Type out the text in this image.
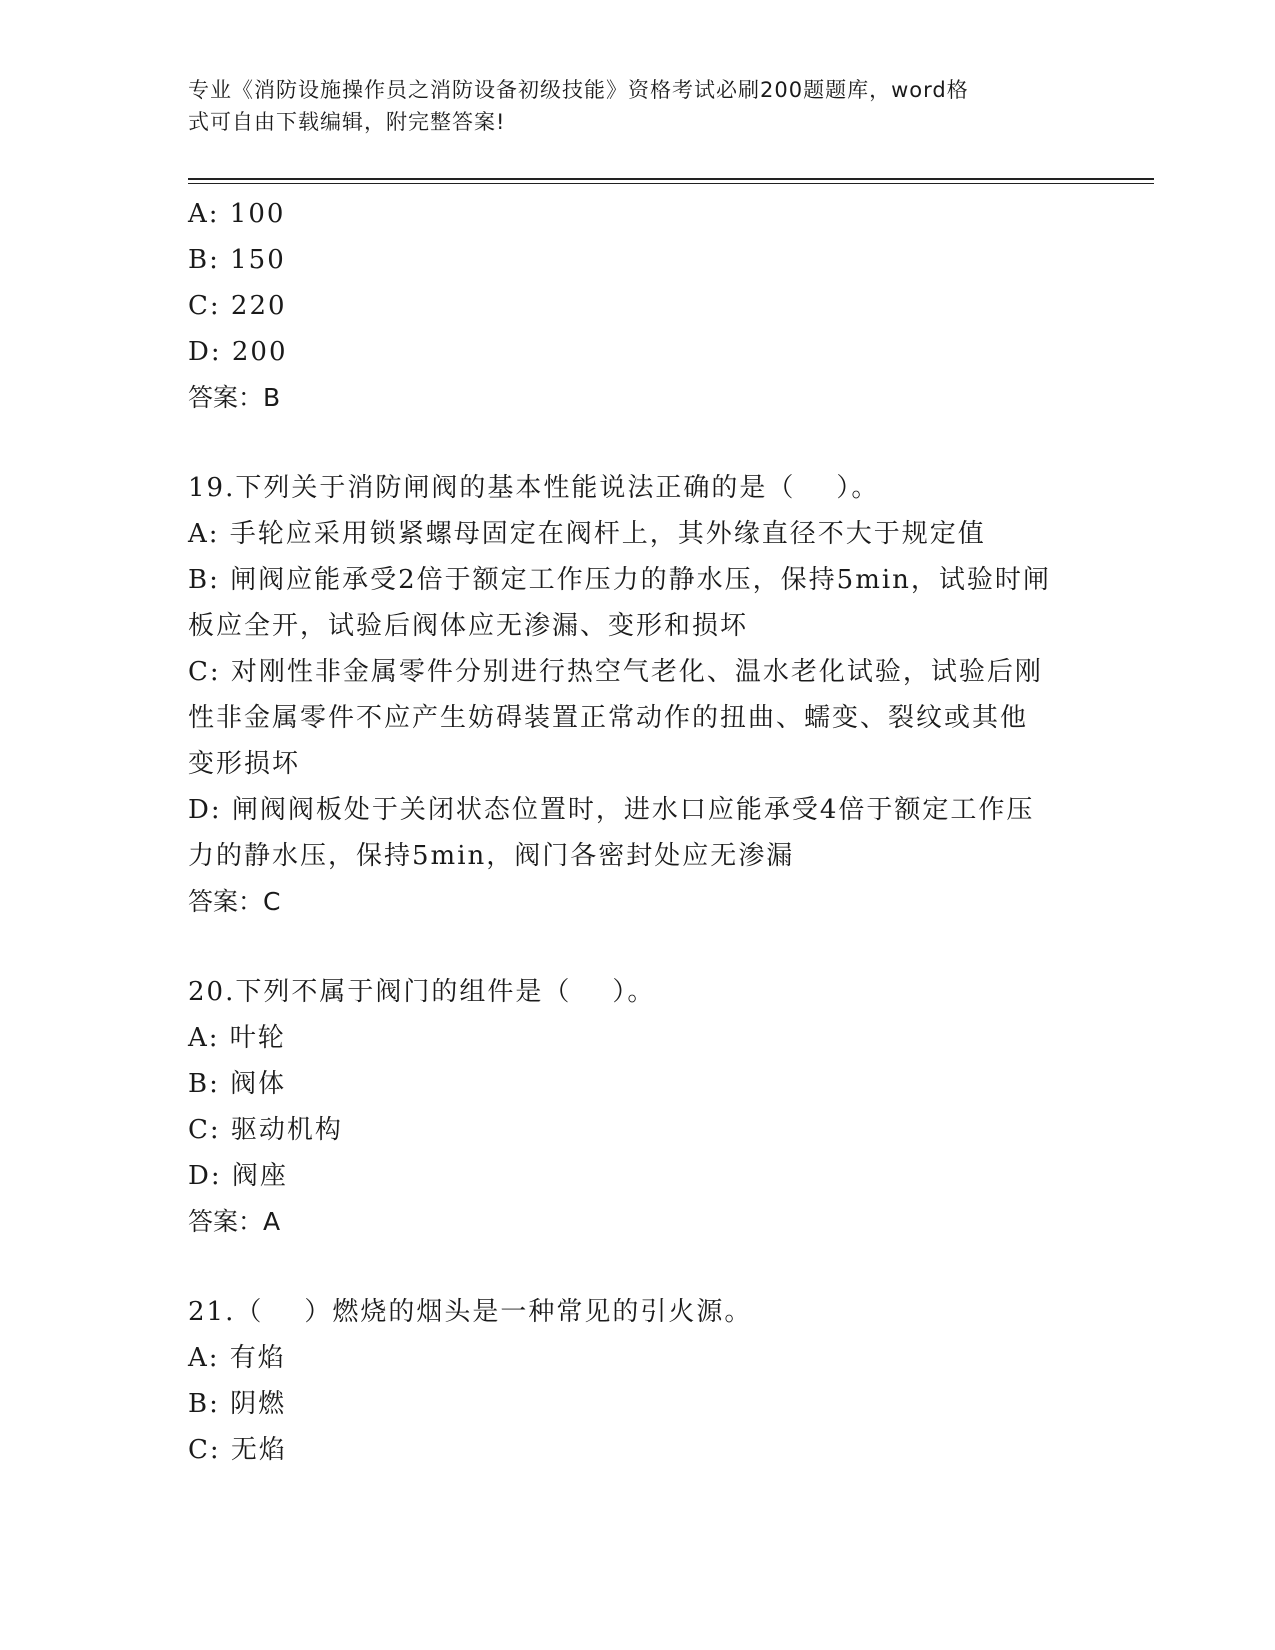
专业《消防设施操作员之消防设备初级技能》资格考试必刷200题题库，word格
式可自由下载编辑，附完整答案!
A: 100
B: 150
C: 220
D: 200
答案：B
19.下列关于消防闸阀的基本性能说法正确的是（    ）。
A: 手轮应采用锁紧螺母固定在阀杆上，其外缘直径不大于规定值
B: 闸阀应能承受2倍于额定工作压力的静水压，保持5min，试验时闸
板应全开，试验后阀体应无渗漏、变形和损坏
C: 对刚性非金属零件分别进行热空气老化、温水老化试验，试验后刚
性非金属零件不应产生妨碍装置正常动作的扭曲、蠕变、裂纹或其他
变形损坏
D: 闸阀阀板处于关闭状态位置时，进水口应能承受4倍于额定工作压
力的静水压，保持5min，阀门各密封处应无渗漏
答案：C
20.下列不属于阀门的组件是（    ）。
A: 叶轮
B: 阀体
C: 驱动机构
D: 阀座
答案：A
21.（    ）燃烧的烟头是一种常见的引火源。
A: 有焰
B: 阴燃
C: 无焰
